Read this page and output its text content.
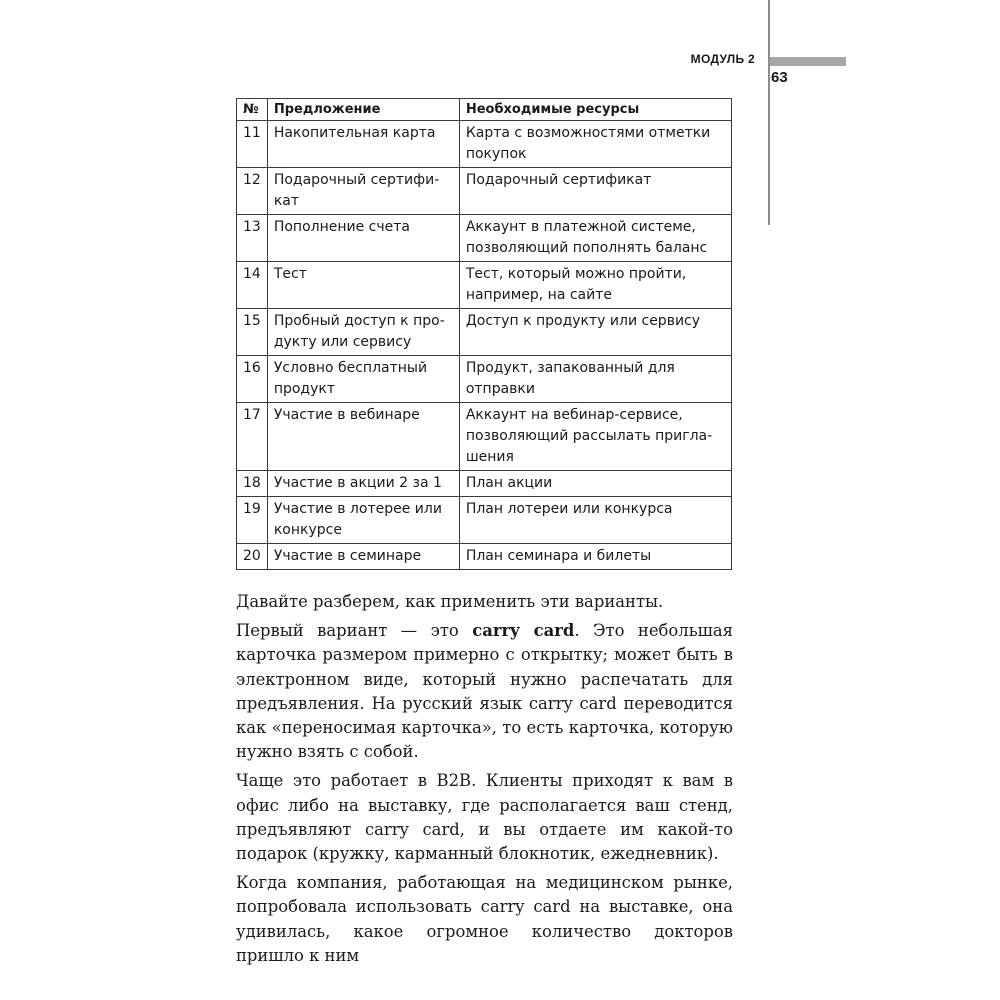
МОДУЛЬ 2
63
№	Предложение	Необходимые ресурсы
11	Накопительная карта	Карта с возможностями отметки покупок
12	Подарочный сертификат	Подарочный сертификат
13	Пополнение счета	Аккаунт в платежной системе, позволяющий пополнять баланс
14	Тест	Тест, который можно пройти, например, на сайте
15	Пробный доступ к продукту или сервису	Доступ к продукту или сервису
16	Условно бесплатный продукт	Продукт, запакованный для отправки
17	Участие в вебинаре	Аккаунт на вебинар-сервисе, позволяющий рассылать приглашения
18	Участие в акции 2 за 1	План акции
19	Участие в лотерее или конкурсе	План лотереи или конкурса
20	Участие в семинаре	План семинара и билеты

Давайте разберем, как применить эти варианты.

Первый вариант — это carry card. Это небольшая карточка размером примерно с открытку; может быть в электронном виде, который нужно распечатать для предъявления. На русский язык carry card переводится как «переносимая карточка», то есть карточка, которую нужно взять с собой.

Чаще это работает в B2B. Клиенты приходят к вам в офис либо на выставку, где располагается ваш стенд, предъявляют carry card, и вы отдаете им какой-то подарок (кружку, карманный блокнотик, ежедневник).

Когда компания, работающая на медицинском рынке, попробовала использовать carry card на выставке, она удивилась, какое огромное количество докторов пришло к ним
